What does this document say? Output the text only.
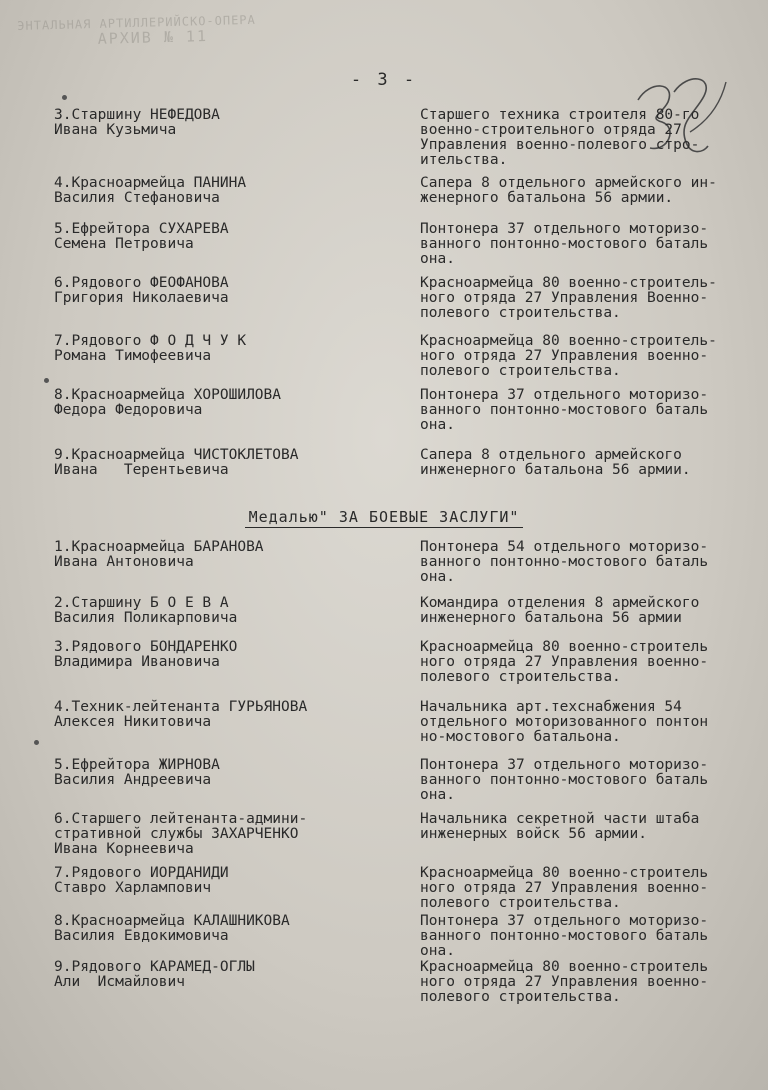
ЭНТАЛЬНАЯ АРТИЛЛЕРИЙСКО-ОПЕРА
АРХИВ № 11
- 3 -
3.Старшину НЕФЕДОВА
Ивана Кузьмича
Старшего техника строителя 80-го
военно-строительного отряда 27
Управления военно-полевого стро-
ительства.
4.Красноармейца ПАНИНА
Василия Стефановича
Сапера 8 отдельного армейского ин-
женерного батальона 56 армии.
5.Ефрейтора СУХАРЕВА
Семена Петровича
Понтонера 37 отдельного моторизо-
ванного понтонно-мостового баталь
она.
6.Рядового ФЕОФАНОВА
Григория Николаевича
Красноармейца 80 военно-строитель-
ного отряда 27 Управления Военно-
полевого строительства.
7.Рядового Ф О Д Ч У К
Романа Тимофеевича
Красноармейца 80 военно-строитель-
ного отряда 27 Управления военно-
полевого строительства.
8.Красноармейца ХОРОШИЛОВА
Федора Федоровича
Понтонера 37 отдельного моторизо-
ванного понтонно-мостового баталь
она.
9.Красноармейца ЧИСТОКЛЕТОВА
Ивана   Терентьевича
Сапера 8 отдельного армейского
инженерного батальона 56 армии.
Медалью" ЗА БОЕВЫЕ ЗАСЛУГИ"
1.Красноармейца БАРАНОВА
Ивана Антоновича
Понтонера 54 отдельного моторизо-
ванного понтонно-мостового баталь
она.
2.Старшину Б О Е В А
Василия Поликарповича
Командира отделения 8 армейского
инженерного батальона 56 армии
3.Рядового БОНДАРЕНКО
Владимира Ивановича
Красноармейца 80 военно-строитель
ного отряда 27 Управления военно-
полевого строительства.
4.Техник-лейтенанта ГУРЬЯНОВА
Алексея Никитовича
Начальника арт.техснабжения 54
отдельного моторизованного понтон
но-мостового батальона.
5.Ефрейтора ЖИРНОВА
Василия Андреевича
Понтонера 37 отдельного моторизо-
ванного понтонно-мостового баталь
она.
6.Старшего лейтенанта-админи-
стративной службы ЗАХАРЧЕНКО
Ивана Корнеевича
Начальника секретной части штаба
инженерных войск 56 армии.
7.Рядового ИОРДАНИДИ
Ставро Харлампович
Красноармейца 80 военно-строитель
ного отряда 27 Управления военно-
полевого строительства.
8.Красноармейца КАЛАШНИКОВА
Василия Евдокимовича
Понтонера 37 отдельного моторизо-
ванного понтонно-мостового баталь
она.
9.Рядового КАРАМЕД-ОГЛЫ
Али  Исмайлович
Красноармейца 80 военно-строитель
ного отряда 27 Управления военно-
полевого строительства.
